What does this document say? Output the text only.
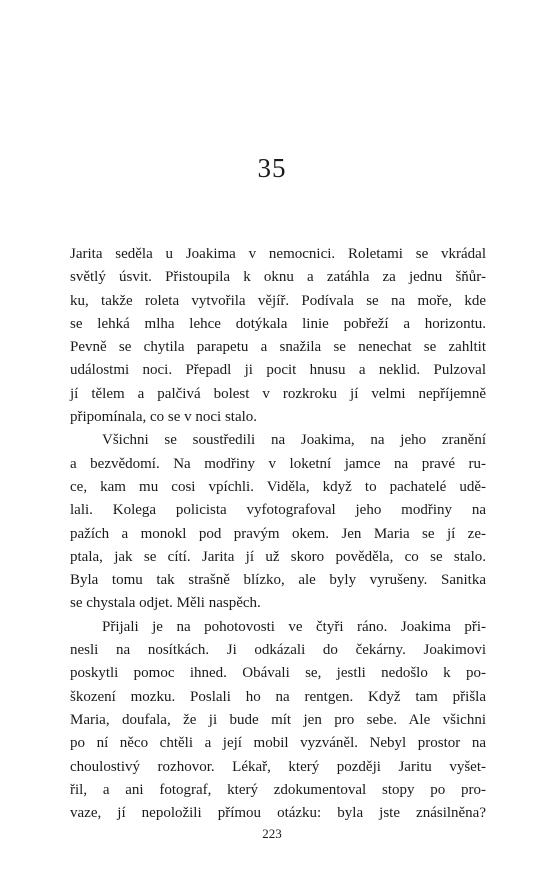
35

Jarita seděla u Joakima v nemocnici. Roletami se vkrádal
světlý úsvit. Přistoupila k oknu a zatáhla za jednu šňůr-
ku, takže roleta vytvořila vějíř. Podívala se na moře, kde
se lehká mlha lehce dotýkala linie pobřeží a horizontu.
Pevně se chytila parapetu a snažila se nenechat se zahltit
událostmi noci. Přepadl ji pocit hnusu a neklid. Pulzoval
jí tělem a palčivá bolest v rozkroku jí velmi nepříjemně
připomínala, co se v noci stalo.

Všichni se soustředili na Joakima, na jeho zranění
a bezvědomí. Na modřiny v loketní jamce na pravé ru-
ce, kam mu cosi vpíchli. Viděla, když to pachatelé udě-
lali. Kolega policista vyfotografoval jeho modřiny na
pažích a monokl pod pravým okem. Jen Maria se jí ze-
ptala, jak se cítí. Jarita jí už skoro pověděla, co se stalo.
Byla tomu tak strašně blízko, ale byly vyrušeny. Sanitka
se chystala odjet. Měli naspěch.

Přijali je na pohotovosti ve čtyři ráno. Joakima při-
nesli na nosítkách. Ji odkázali do čekárny. Joakimovi
poskytli pomoc ihned. Obávali se, jestli nedošlo k po-
škození mozku. Poslali ho na rentgen. Když tam přišla
Maria, doufala, že ji bude mít jen pro sebe. Ale všichni
po ní něco chtěli a její mobil vyzváněl. Nebyl prostor na
choulostivý rozhovor. Lékař, který později Jaritu vyšet-
řil, a ani fotograf, který zdokumentoval stopy po pro-
vaze, jí nepoložili přímou otázku: byla jste znásilněna?

223
